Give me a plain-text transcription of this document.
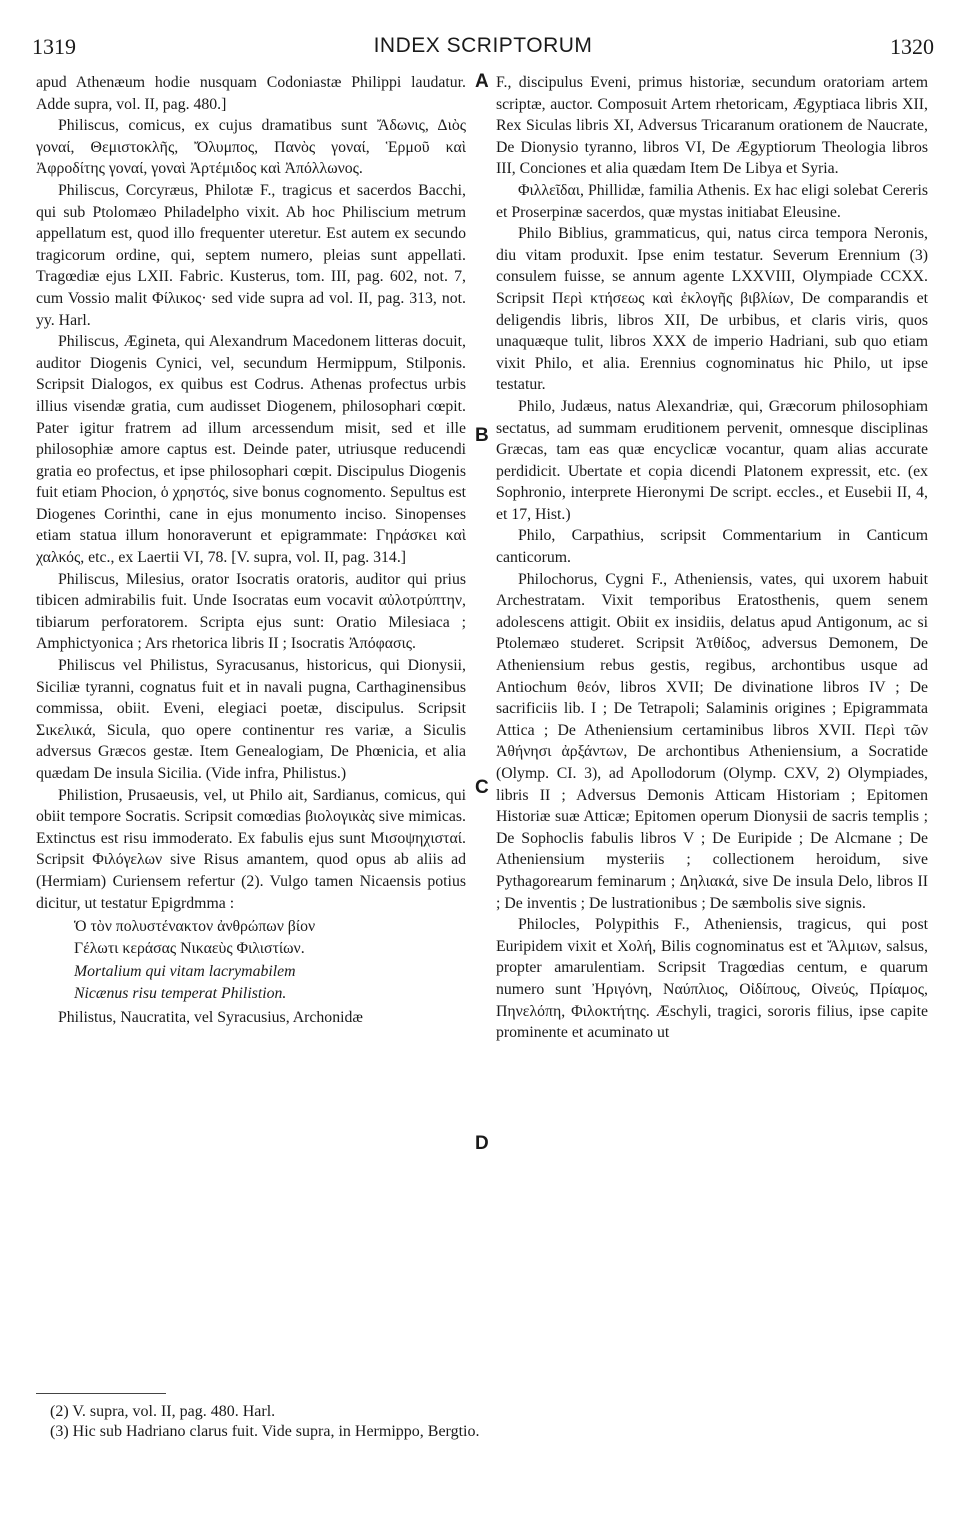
1319	INDEX SCRIPTORUM	1320

apud Athenæum hodie nusquam Codoniastæ Philippi laudatur. Adde supra, vol. II, pag. 480.]

Philiscus, comicus, ex cujus dramatibus sunt Ἄδωνις, Διὸς γοναί, Θεμιστοκλῆς, Ὄλυμπος, Πανὸς γοναί, Ἑρμοῦ καὶ Ἀφροδίτης γοναί, γοναὶ Ἀρτέμιδος καὶ Ἀπόλλωνος.

Philiscus, Corcyræus, Philotæ F., tragicus et sacerdos Bacchi, qui sub Ptolomæo Philadelpho vixit. Ab hoc Philiscium metrum appellatum est, quod illo frequenter uteretur. Est autem ex secundo tragicorum ordine, qui, septem numero, pleias sunt appellati. Tragœdiæ ejus LXII. Fabric. Kusterus, tom. III, pag. 602, not. 7, cum Vossio malit Φίλικος· sed vide supra ad vol. II, pag. 313, not. yy. Harl.

Philiscus, Ægineta, qui Alexandrum Macedonem litteras docuit, auditor Diogenis Cynici, vel, secundum Hermippum, Stilponis. Scripsit Dialogos, ex quibus est Codrus. Athenas profectus urbis illius visendæ gratia, cum audisset Diogenem, philosophari cœpit. Pater igitur fratrem ad illum arcessendum misit, sed et ille philosophiæ amore captus est. Deinde pater, utriusque reducendi gratia eo profectus, et ipse philosophari cœpit. Discipulus Diogenis fuit etiam Phocion, ὁ χρηστός, sive bonus cognomento. Sepultus est Diogenes Corinthi, cane in ejus monumento inciso. Sinopenses etiam statua illum honoraverunt et epigrammate: Γηράσκει καὶ χαλκός, etc., ex Laertii VI, 78. [V. supra, vol. II, pag. 314.]

Philiscus, Milesius, orator Isocratis oratoris, auditor qui prius tibicen admirabilis fuit. Unde Isocratas eum vocavit αὐλοτρύπτην, tibiarum perforatorem. Scripta ejus sunt: Oratio Milesiaca ; Amphictyonica ; Ars rhetorica libris II ; Isocratis Ἀπόφασις.

Philiscus vel Philistus, Syracusanus, historicus, qui Dionysii, Siciliæ tyranni, cognatus fuit et in navali pugna, Carthaginensibus commissa, obiit. Eveni, elegiaci poetæ, discipulus. Scripsit Σικελικά, Sicula, quo opere continentur res variæ, a Siculis adversus Græcos gestæ. Item Genealogiam, De Phœnicia, et alia quædam De insula Sicilia. (Vide infra, Philistus.)

Philistion, Prusaeusis, vel, ut Philo ait, Sardianus, comicus, qui obiit tempore Socratis. Scripsit comœdias βιολογικὰς sive mimicas. Extinctus est risu immoderato. Ex fabulis ejus sunt Μισοψηχισταί. Scripsit Φιλόγελων sive Risus amantem, quod opus ab aliis ad (Hermiam) Curiensem refertur (2). Vulgo tamen Nicaensis potius dicitur, ut testatur Epigrdmma :

Ὁ τὸν πολυστένακτον ἀνθρώπων βίον
Γέλωτι κεράσας Νικαεὺς Φιλιστίων.
Mortalium qui vitam lacrymabilem
Nicænus risu temperat Philistion.

Philistus, Naucratita, vel Syracusius, Archonidæ

A
B
C
D

F., discipulus Eveni, primus historiæ, secundum oratoriam artem scriptæ, auctor. Composuit Artem rhetoricam, Ægyptiaca libris XII, Rex Siculas libris XI, Adversus Tricaranum orationem de Naucrate, De Dionysio tyranno, libros VI, De Ægyptiorum Theologia libros III, Conciones et alia quædam Item De Libya et Syria.

Φιλλεῖδαι, Phillidæ, familia Athenis. Ex hac eligi solebat Cereris et Proserpinæ sacerdos, quæ mystas initiabat Eleusine.

Philo Biblius, grammaticus, qui, natus circa tempora Neronis, diu vitam produxit. Ipse enim testatur. Severum Erennium (3) consulem fuisse, se annum agente LXXVIII, Olympiade CCXX. Scripsit Περὶ κτήσεως καὶ ἐκλογῆς βιβλίων, De comparandis et deligendis libris, libros XII, De urbibus, et claris viris, quos unaquæque tulit, libros XXX de imperio Hadriani, sub quo etiam vixit Philo, et alia. Erennius cognominatus hic Philo, ut ipse testatur.

Philo, Judæus, natus Alexandriæ, qui, Græcorum philosophiam sectatus, ad summam eruditionem pervenit, omnesque disciplinas Græcas, tam eas quæ encyclicæ vocantur, quam alias accurate perdidicit. Ubertate et copia dicendi Platonem expressit, etc. (ex Sophronio, interprete Hieronymi De script. eccles., et Eusebii II, 4, et 17, Hist.)

Philo, Carpathius, scripsit Commentarium in Canticum canticorum.

Philochorus, Cygni F., Atheniensis, vates, qui uxorem habuit Archestratam. Vixit temporibus Eratosthenis, quem senem adolescens attigit. Obiit ex insidiis, delatus apud Antigonum, ac si Ptolemæo studeret. Scripsit Ἀτθίδος, adversus Demonem, De Atheniensium rebus gestis, regibus, archontibus usque ad Antiochum θεόν, libros XVII; De divinatione libros IV ; De sacrificiis lib. I ; De Tetrapoli; Salaminis origines ; Epigrammata Attica ; De Atheniensium certaminibus libros XVII. Περὶ τῶν Ἀθήνησι ἀρξάντων, De archontibus Atheniensium, a Socratide (Olymp. CI. 3), ad Apollodorum (Olymp. CXV, 2) Olympiades, libris II ; Adversus Demonis Atticam Historiam ; Epitomen Historiæ suæ Atticæ; Epitomen operum Dionysii de sacris templis ; De Sophoclis fabulis libros V ; De Euripide ; De Alcmane ; De Atheniensium mysteriis ; collectionem heroidum, sive Pythagorearum feminarum ; Δηλιακά, sive De insula Delo, libros II ; De inventis ; De lustrationibus ; De sæmbolis sive signis.

Philocles, Polypithis F., Atheniensis, tragicus, qui post Euripidem vixit et Χολή, Bilis cognominatus est et Ἄλμιων, salsus, propter amarulentiam. Scripsit Tragœdias centum, e quarum numero sunt Ἠριγόνη, Ναύπλιος, Οἰδίπους, Οἰνεύς, Πρίαμος, Πηνελόπη, Φιλοκτήτης. Æschyli, tragici, sororis filius, ipse capite prominente et acuminato ut

(2) V. supra, vol. II, pag. 480. Harl.
(3) Hic sub Hadriano clarus fuit. Vide supra, in Hermippo, Bergtio.
